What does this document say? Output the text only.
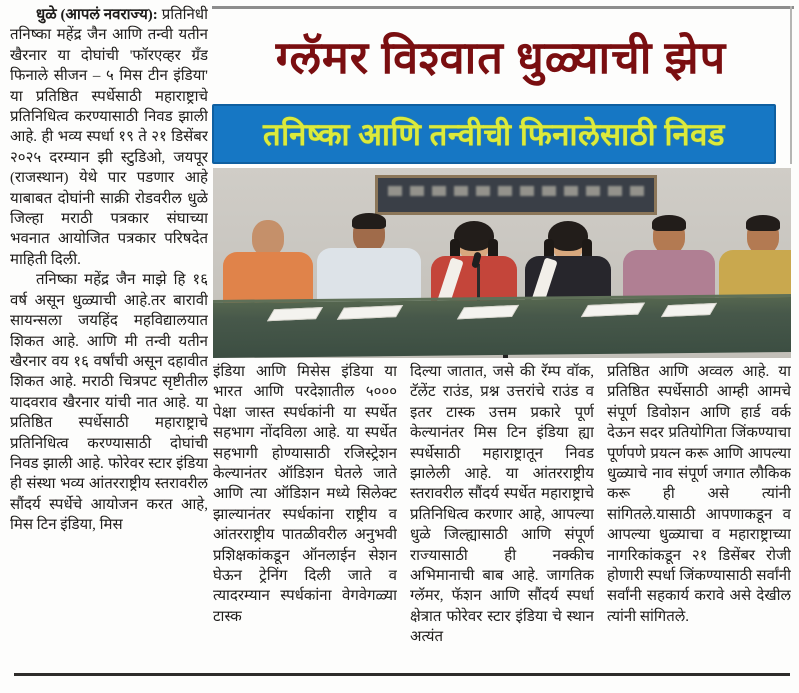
धुळे (आपलं नवराज्य): प्रतिनिधी तनिष्का महेंद्र जैन आणि तन्वी यतीन खैरनार या दोघांची 'फॉरएव्हर ग्रँड फिनाले सीजन – ५ मिस टीन इंडिया' या प्रतिष्ठित स्पर्धेसाठी महाराष्ट्राचे प्रतिनिधित्व करण्यासाठी निवड झाली आहे. ही भव्य स्पर्धा १९ ते २१ डिसेंबर २०२५ दरम्यान झी स्टुडिओ, जयपूर (राजस्थान) येथे पार पडणार आहे याबाबत दोघांनी साक्री रोडवरील धुळे जिल्हा मराठी पत्रकार संघाच्या भवनात आयोजित पत्रकार परिषदेत माहिती दिली.

तनिष्का महेंद्र जैन माझे हि १६ वर्ष असून धुळ्याची आहे.तर बारावी सायन्सला जयहिंद महविद्यालयात शिकत आहे. आणि मी तन्वी यतीन खैरनार वय १६ वर्षांची असून दहावीत शिकत आहे. मराठी चित्रपट सृष्टीतील यादवराव खैरनार यांची नात आहे. या प्रतिष्ठित स्पर्धेसाठी महाराष्ट्राचे प्रतिनिधित्व करण्यासाठी दोघांची निवड झाली आहे. फोरेवर स्टार इंडिया ही संस्था भव्य आंतरराष्ट्रीय स्तरावरील सौंदर्य स्पर्धेचे आयोजन करत आहे, मिस टिन इंडिया, मिस

ग्लॅमर विश्वात धुळ्याची झेप
तनिष्का आणि तन्वीची फिनालेसाठी निवड
इंडिया आणि मिसेस इंडिया या भारत आणि परदेशातील ५००० पेक्षा जास्त स्पर्धकांनी या स्पर्धेत सहभाग नोंदविला आहे. या स्पर्धेत सहभागी होण्यासाठी रजिस्ट्रेशन केल्यानंतर ऑडिशन घेतले जाते आणि त्या ऑडिशन मध्ये सिलेक्ट झाल्यानंतर स्पर्धकांना राष्ट्रीय व आंतरराष्ट्रीय पातळीवरील अनुभवी प्रशिक्षकांकडून ऑनलाईन सेशन घेऊन ट्रेनिंग दिली जाते व त्यादरम्यान स्पर्धकांना वेगवेगळ्या टास्क
दिल्या जातात, जसे की रॅम्प वॉक, टॅलेंट राउंड, प्रश्न उत्तरांचे राउंड व इतर टास्क उत्तम प्रकारे पूर्ण केल्यानंतर मिस टिन इंडिया ह्या स्पर्धेसाठी महाराष्ट्रातून निवड झालेली आहे. या आंतरराष्ट्रीय स्तरावरील सौंदर्य स्पर्धेत महाराष्ट्राचे प्रतिनिधित्व करणार आहे, आपल्या धुळे जिल्ह्यासाठी आणि संपूर्ण राज्यासाठी ही नक्कीच अभिमानाची बाब आहे. जागतिक ग्लॅमर, फॅशन आणि सौंदर्य स्पर्धा क्षेत्रात फोरेवर स्टार इंडिया चे स्थान अत्यंत
प्रतिष्ठित आणि अव्वल आहे. या प्रतिष्ठित स्पर्धेसाठी आम्ही आमचे संपूर्ण डिवोशन आणि हार्ड वर्क देऊन सदर प्रतियोगिता जिंकण्याचा पूर्णपणे प्रयत्न करू आणि आपल्या धुळ्याचे नाव संपूर्ण जगात लौकिक करू ही असे त्यांनी सांगितले.यासाठी आपणाकडून व आपल्या धुळ्याचा व महाराष्ट्राच्या नागरिकांकडून २१ डिसेंबर रोजी होणारी स्पर्धा जिंकण्यासाठी सर्वांनी सर्वांनी सहकार्य करावे असे देखील त्यांनी सांगितले.
